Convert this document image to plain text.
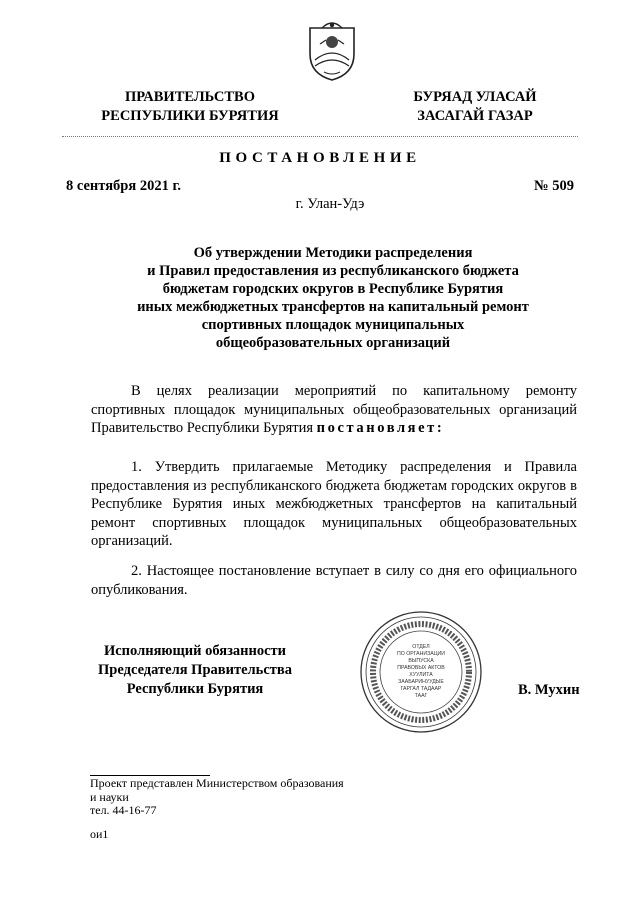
ПРАВИТЕЛЬСТВО
РЕСПУБЛИКИ БУРЯТИЯ
БУРЯАД УЛАСАЙ
ЗАСАГАЙ ГАЗАР
ПОСТАНОВЛЕНИЕ
8 сентября 2021 г.	№ 509
г. Улан-Удэ
Об утверждении Методики распределения
и Правил предоставления из республиканского бюджета
бюджетам городских округов в Республике Бурятия
иных межбюджетных трансфертов на капитальный ремонт
спортивных площадок муниципальных
общеобразовательных организаций
В целях реализации мероприятий по капитальному ремонту спортивных площадок муниципальных общеобразовательных организаций Правительство Республики Бурятия постановляет:
1. Утвердить прилагаемые Методику распределения и Правила предоставления из республиканского бюджета бюджетам городских округов в Республике Бурятия иных межбюджетных трансфертов на капитальный ремонт спортивных площадок муниципальных общеобразовательных организаций.
2. Настоящее постановление вступает в силу со дня его официального опубликования.
Исполняющий обязанности
Председателя Правительства
Республики Бурятия
ОТДЕЛ
ПО ОРГАНИЗАЦИИ
ВЫПУСКА
ПРАВОВЫХ АКТОВ
ХУУЛИТА
ЗААБАРИНУУДЫЕ
ГАРГАЛ ТАДААР
ТААГ	В. Мухин
Проект представлен Министерством образования
и науки
тел. 44-16-77
ои1
